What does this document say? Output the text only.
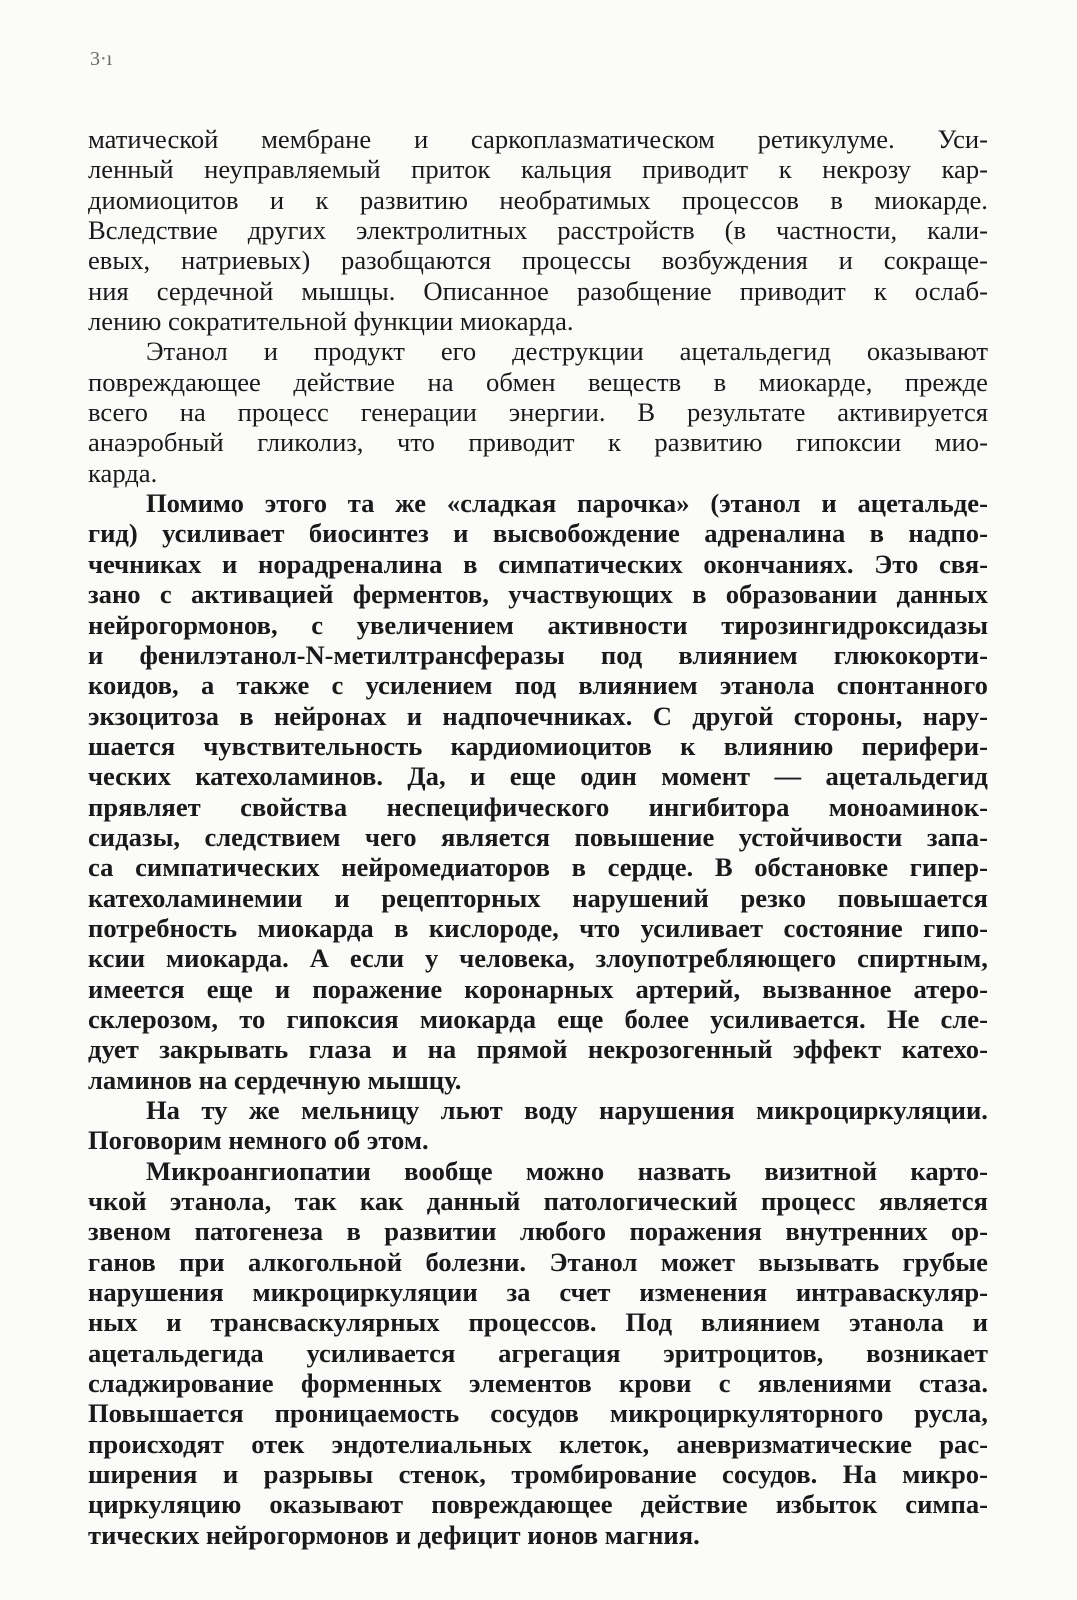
3·ı
матической мембране и саркоплазматическом ретикулуме. Уси-
ленный неуправляемый приток кальция приводит к некрозу кар-
диомиоцитов и к развитию необратимых процессов в миокарде.
Вследствие других электролитных расстройств (в частности, кали-
евых, натриевых) разобщаются процессы возбуждения и сокраще-
ния сердечной мышцы. Описанное разобщение приводит к ослаб-
лению сократительной функции миокарда.
Этанол и продукт его деструкции ацетальдегид оказывают
повреждающее действие на обмен веществ в миокарде, прежде
всего на процесс генерации энергии. В результате активируется
анаэробный гликолиз, что приводит к развитию гипоксии мио-
карда.
Помимо этого та же «сладкая парочка» (этанол и ацетальде-
гид) усиливает биосинтез и высвобождение адреналина в надпо-
чечниках и норадреналина в симпатических окончаниях. Это свя-
зано с активацией ферментов, участвующих в образовании данных
нейрогормонов, с увеличением активности тирозингидроксидазы
и фенилэтанол-N-метилтрансферазы под влиянием глюкокорти-
коидов, а также с усилением под влиянием этанола спонтанного
экзоцитоза в нейронах и надпочечниках. С другой стороны, нару-
шается чувствительность кардиомиоцитов к влиянию перифери-
ческих катехоламинов. Да, и еще один момент — ацетальдегид
прявляет свойства неспецифического ингибитора моноаминок-
сидазы, следствием чего является повышение устойчивости запа-
са симпатических нейромедиаторов в сердце. В обстановке гипер-
катехоламинемии и рецепторных нарушений резко повышается
потребность миокарда в кислороде, что усиливает состояние гипо-
ксии миокарда. А если у человека, злоупотребляющего спиртным,
имеется еще и поражение коронарных артерий, вызванное атеро-
склерозом, то гипоксия миокарда еще более усиливается. Не сле-
дует закрывать глаза и на прямой некрозогенный эффект катехо-
ламинов на сердечную мышцу.
На ту же мельницу льют воду нарушения микроциркуляции.
Поговорим немного об этом.
Микроангиопатии вообще можно назвать визитной карто-
чкой этанола, так как данный патологический процесс является
звеном патогенеза в развитии любого поражения внутренних ор-
ганов при алкогольной болезни. Этанол может вызывать грубые
нарушения микроциркуляции за счет изменения интраваскуляр-
ных и трансваскулярных процессов. Под влиянием этанола и
ацетальдегида усиливается агрегация эритроцитов, возникает
сладжирование форменных элементов крови с явлениями стаза.
Повышается проницаемость сосудов микроциркуляторного русла,
происходят отек эндотелиальных клеток, аневризматические рас-
ширения и разрывы стенок, тромбирование сосудов. На микро-
циркуляцию оказывают повреждающее действие избыток симпа-
тических нейрогормонов и дефицит ионов магния.
